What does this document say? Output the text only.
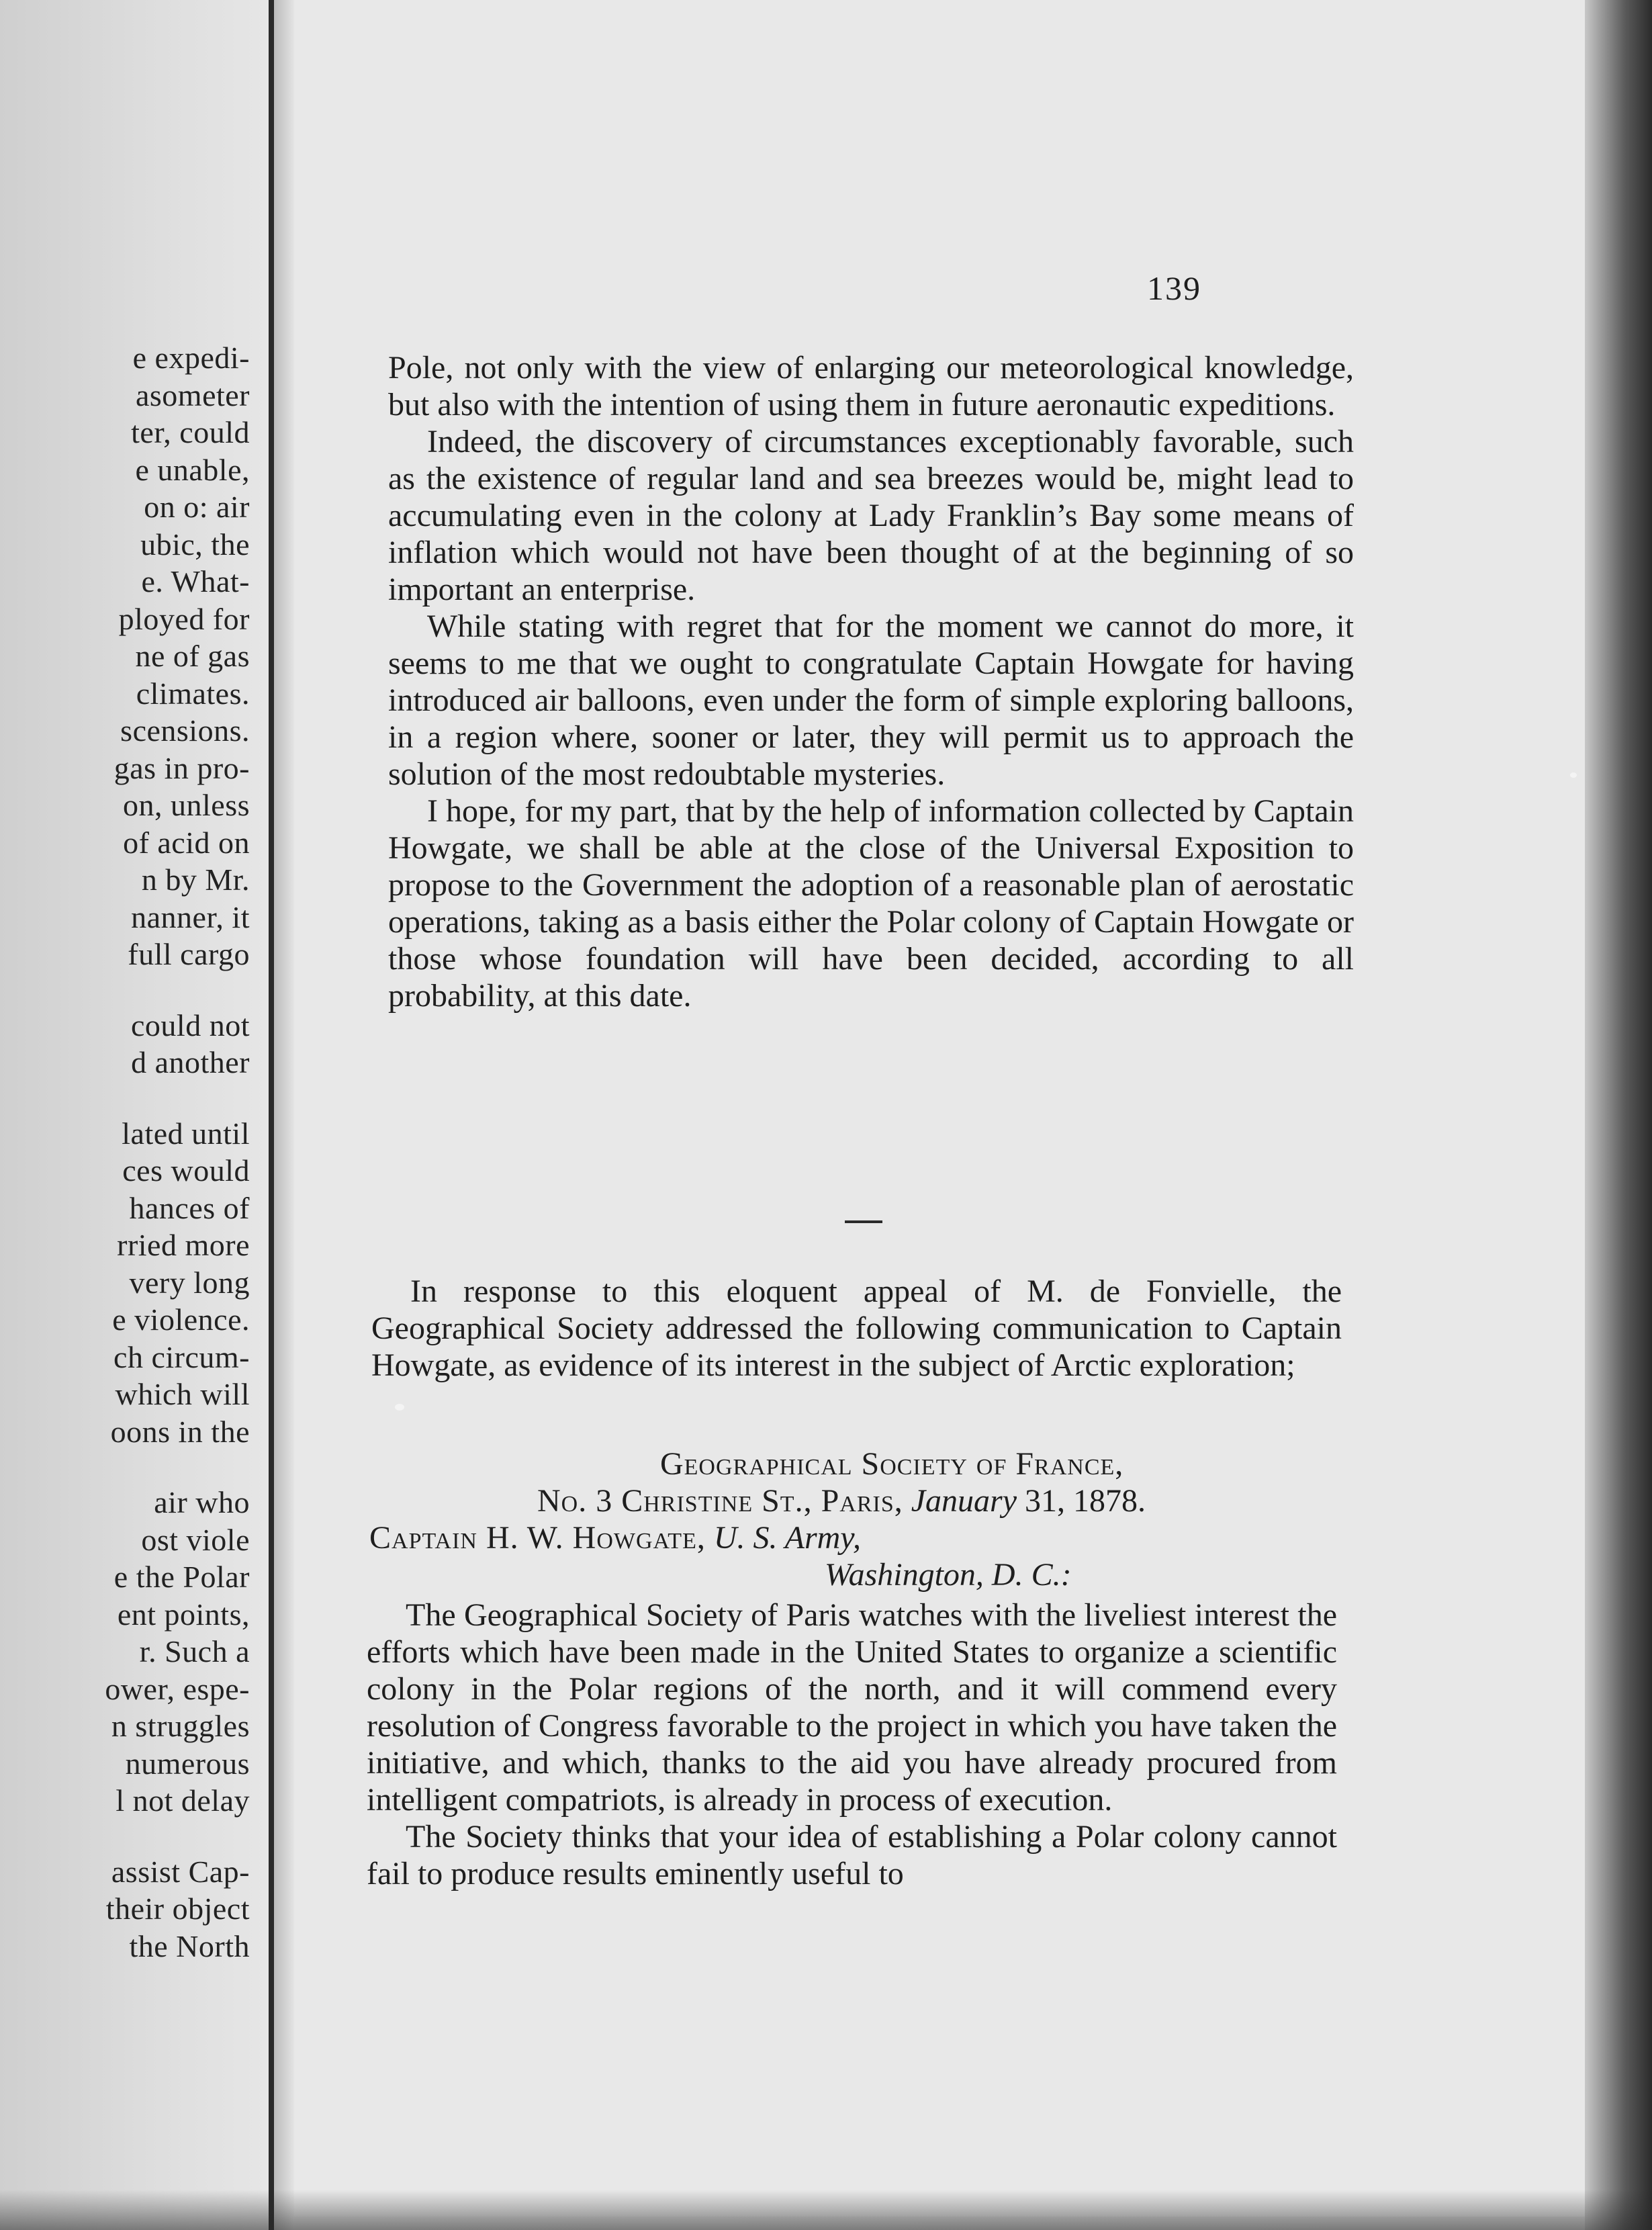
e expedi-
asometer
ter, could
e unable,
on o: air
ubic, the
e. What-
ployed for
ne of gas
climates.
scensions.
gas in pro-
on, unless
of acid on
n by Mr.
nanner, it
full cargo
could not
d another
lated until
ces would
hances of
rried more
very long
e violence.
ch circum-
which will
oons in the
air who
ost viole
e the Polar
ent points,
r. Such a
ower, espe-
n struggles
numerous
l not delay
assist Cap-
their object
the North
139

Pole, not only with the view of enlarging our meteorological knowledge, but also with the intention of using them in future aeronautic expeditions.

Indeed, the discovery of circumstances exceptionably favorable, such as the existence of regular land and sea breezes would be, might lead to accumulating even in the colony at Lady Franklin’s Bay some means of inflation which would not have been thought of at the beginning of so important an enterprise.

While stating with regret that for the moment we cannot do more, it seems to me that we ought to congratulate Captain Howgate for having introduced air balloons, even under the form of simple exploring balloons, in a region where, sooner or later, they will permit us to approach the solution of the most redoubtable mysteries.

I hope, for my part, that by the help of information collected by Captain Howgate, we shall be able at the close of the Universal Exposition to propose to the Government the adoption of a reasonable plan of aerostatic operations, taking as a basis either the Polar colony of Captain Howgate or those whose foundation will have been decided, according to all probability, at this date.

In response to this eloquent appeal of M. de Fonvielle, the Geographical Society addressed the following communication to Captain Howgate, as evidence of its interest in the subject of Arctic exploration;

Geographical Society of France,
No. 3 Christine St., Paris, January 31, 1878.
Captain H. W. Howgate, U. S. Army,
Washington, D. C.:

The Geographical Society of Paris watches with the liveliest interest the efforts which have been made in the United States to organize a scientific colony in the Polar regions of the north, and it will commend every resolution of Congress favorable to the project in which you have taken the initiative, and which, thanks to the aid you have already procured from intelligent compatriots, is already in process of execution.

The Society thinks that your idea of establishing a Polar colony cannot fail to produce results eminently useful to
